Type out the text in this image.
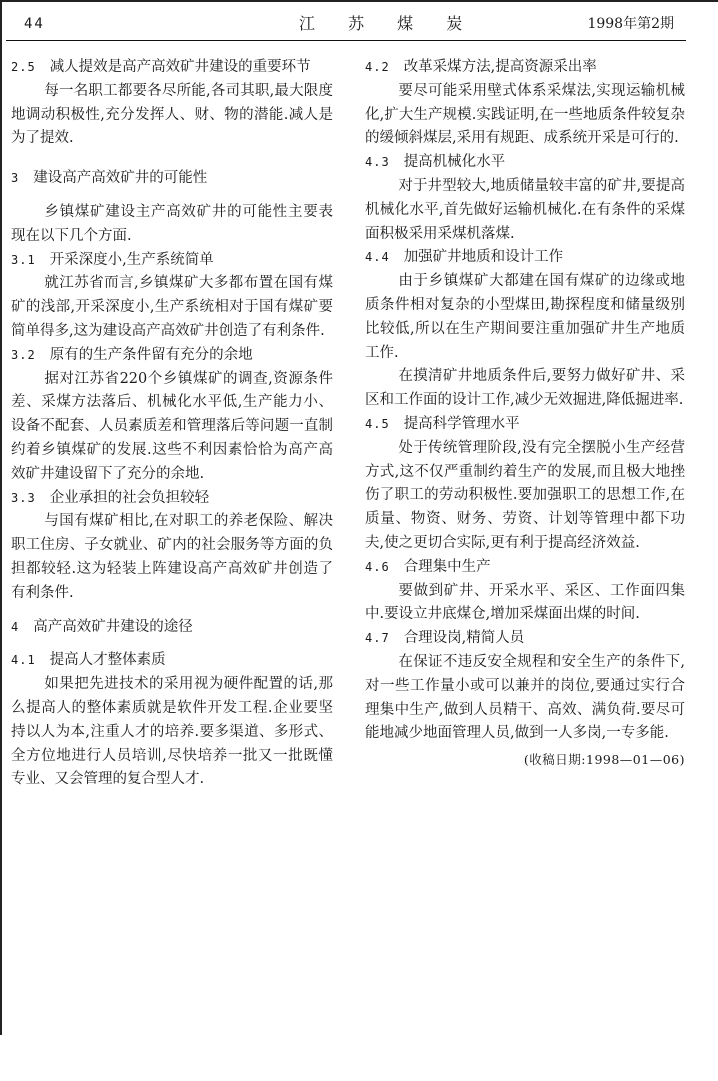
44	江 苏 煤 炭	1998年第2期

2.5 减人提效是高产高效矿井建设的重要环节

每一名职工都要各尽所能,各司其职,最大限度地调动积极性,充分发挥人、财、物的潜能.减人是为了提效.

3 建设高产高效矿井的可能性

乡镇煤矿建设主产高效矿井的可能性主要表现在以下几个方面.

3.1 开采深度小,生产系统简单

就江苏省而言,乡镇煤矿大多都布置在国有煤矿的浅部,开采深度小,生产系统相对于国有煤矿要简单得多,这为建设高产高效矿井创造了有利条件.

3.2 原有的生产条件留有充分的余地

据对江苏省220个乡镇煤矿的调查,资源条件差、采煤方法落后、机械化水平低,生产能力小、设备不配套、人员素质差和管理落后等问题一直制约着乡镇煤矿的发展.这些不利因素恰恰为高产高效矿井建设留下了充分的余地.

3.3 企业承担的社会负担较轻

与国有煤矿相比,在对职工的养老保险、解决职工住房、子女就业、矿内的社会服务等方面的负担都较轻.这为轻装上阵建设高产高效矿井创造了有利条件.

4 高产高效矿井建设的途径

4.1 提高人才整体素质

如果把先进技术的采用视为硬件配置的话,那么提高人的整体素质就是软件开发工程.企业要坚持以人为本,注重人才的培养.要多渠道、多形式、全方位地进行人员培训,尽快培养一批又一批既懂专业、又会管理的复合型人才.

4.2 改革采煤方法,提高资源采出率

要尽可能采用壁式体系采煤法,实现运输机械化,扩大生产规模.实践证明,在一些地质条件较复杂的缓倾斜煤层,采用有规距、成系统开采是可行的.

4.3 提高机械化水平

对于井型较大,地质储量较丰富的矿井,要提高机械化水平,首先做好运输机械化.在有条件的采煤面积极采用采煤机落煤.

4.4 加强矿井地质和设计工作

由于乡镇煤矿大都建在国有煤矿的边缘或地质条件相对复杂的小型煤田,勘探程度和储量级别比较低,所以在生产期间要注重加强矿井生产地质工作.

在摸清矿井地质条件后,要努力做好矿井、采区和工作面的设计工作,减少无效掘进,降低掘进率.

4.5 提高科学管理水平

处于传统管理阶段,没有完全摆脱小生产经营方式,这不仅严重制约着生产的发展,而且极大地挫伤了职工的劳动积极性.要加强职工的思想工作,在质量、物资、财务、劳资、计划等管理中都下功夫,使之更切合实际,更有利于提高经济效益.

4.6 合理集中生产

要做到矿井、开采水平、采区、工作面四集中.要设立井底煤仓,增加采煤面出煤的时间.

4.7 合理设岗,精简人员

在保证不违反安全规程和安全生产的条件下,对一些工作量小或可以兼并的岗位,要通过实行合理集中生产,做到人员精干、高效、满负荷.要尽可能地减少地面管理人员,做到一人多岗,一专多能.

(收稿日期:1998—01—06)
